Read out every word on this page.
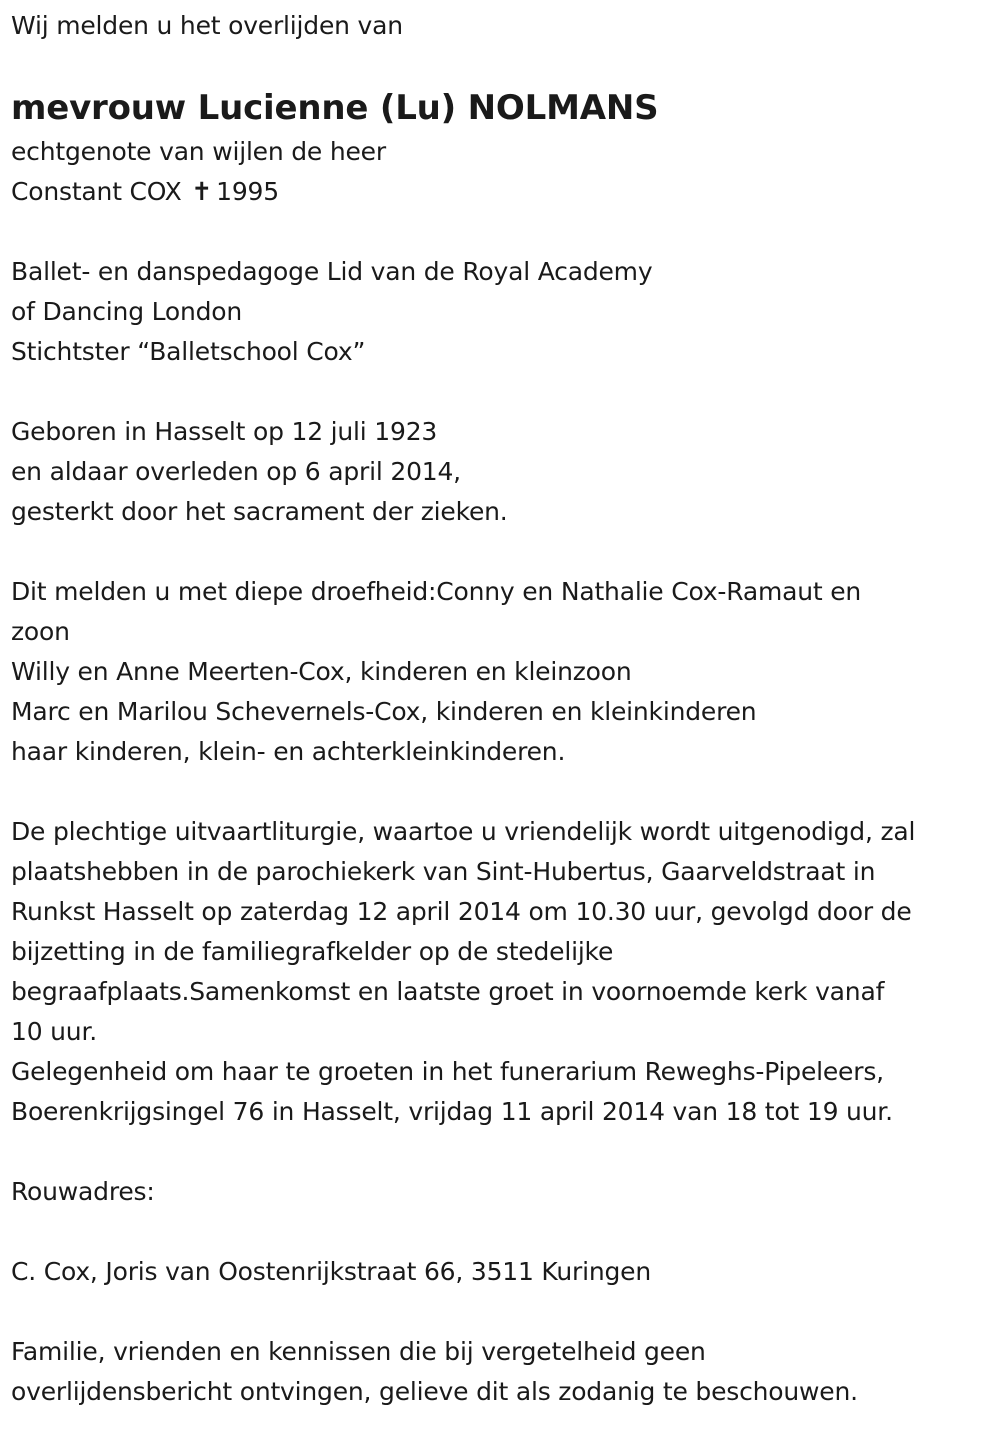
Wij melden u het overlijden van
mevrouw Lucienne (Lu) NOLMANS
echtgenote van wijlen de heer
Constant COX ✝ 1995
Ballet- en danspedagoge Lid van de Royal Academy
of Dancing London
Stichtster “Balletschool Cox”
Geboren in Hasselt op 12 juli 1923
en aldaar overleden op 6 april 2014,
gesterkt door het sacrament der zieken.
Dit melden u met diepe droefheid:Conny en Nathalie Cox-Ramaut en
zoon
Willy en Anne Meerten-Cox, kinderen en kleinzoon
Marc en Marilou Schevernels-Cox, kinderen en kleinkinderen
haar kinderen, klein- en achterkleinkinderen.
De plechtige uitvaartliturgie, waartoe u vriendelijk wordt uitgenodigd, zal
plaatshebben in de parochiekerk van Sint-Hubertus, Gaarveldstraat in
Runkst Hasselt op zaterdag 12 april 2014 om 10.30 uur, gevolgd door de
bijzetting in de familiegrafkelder op de stedelijke
begraafplaats.Samenkomst en laatste groet in voornoemde kerk vanaf
10 uur.
Gelegenheid om haar te groeten in het funerarium Reweghs-Pipeleers,
Boerenkrijgsingel 76 in Hasselt, vrijdag 11 april 2014 van 18 tot 19 uur.
Rouwadres:
C. Cox, Joris van Oostenrijkstraat 66, 3511 Kuringen
Familie, vrienden en kennissen die bij vergetelheid geen
overlijdensbericht ontvingen, gelieve dit als zodanig te beschouwen.
